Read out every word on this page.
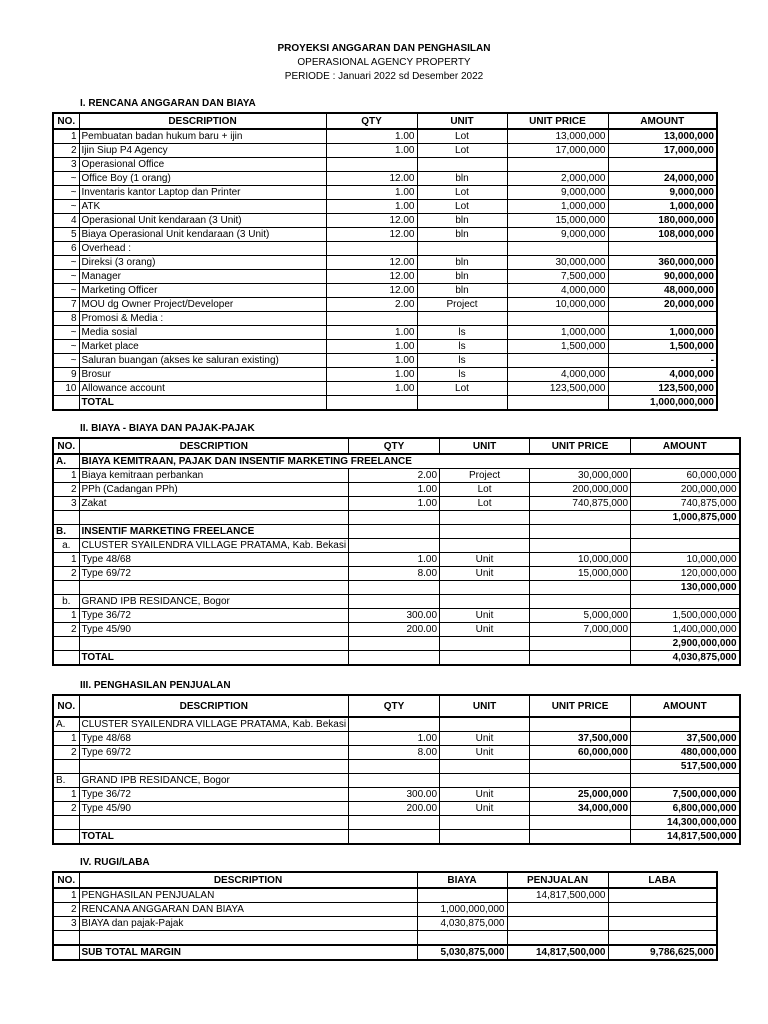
PROYEKSI ANGGARAN DAN PENGHASILAN
OPERASIONAL AGENCY PROPERTY
PERIODE : Januari 2022 sd Desember 2022
I. RENCANA ANGGARAN DAN BIAYA
NO.	DESCRIPTION	QTY	UNIT	UNIT PRICE	AMOUNT
1	Pembuatan badan hukum baru + ijin	1.00	Lot	13,000,000	13,000,000
2	Ijin Siup P4 Agency	1.00	Lot	17,000,000	17,000,000
3	Operasional Office				
~	Office Boy (1 orang)	12.00	bln	2,000,000	24,000,000
~	Inventaris kantor Laptop dan Printer	1.00	Lot	9,000,000	9,000,000
~	ATK	1.00	Lot	1,000,000	1,000,000
4	Operasional Unit kendaraan (3 Unit)	12.00	bln	15,000,000	180,000,000
5	Biaya Operasional Unit kendaraan (3 Unit)	12.00	bln	9,000,000	108,000,000
6	Overhead :				
~	Direksi (3 orang)	12.00	bln	30,000,000	360,000,000
~	Manager	12.00	bln	7,500,000	90,000,000
~	Marketing Officer	12.00	bln	4,000,000	48,000,000
7	MOU dg Owner Project/Developer	2.00	Project	10,000,000	20,000,000
8	Promosi & Media :				
~	Media sosial	1.00	ls	1,000,000	1,000,000
~	Market place	1.00	ls	1,500,000	1,500,000
~	Saluran buangan (akses ke saluran existing)	1.00	ls		-
9	Brosur	1.00	ls	4,000,000	4,000,000
10	Allowance account	1.00	Lot	123,500,000	123,500,000
	TOTAL				1,000,000,000
II. BIAYA - BIAYA DAN PAJAK-PAJAK
NO.	DESCRIPTION	QTY	UNIT	UNIT PRICE	AMOUNT
A.	BIAYA KEMITRAAN, PAJAK DAN INSENTIF MARKETING FREELANCE				
1	Biaya kemitraan perbankan	2.00	Project	30,000,000	60,000,000
2	PPh (Cadangan PPh)	1.00	Lot	200,000,000	200,000,000
3	Zakat	1.00	Lot	740,875,000	740,875,000
					1,000,875,000
B.	INSENTIF MARKETING FREELANCE				
a.	CLUSTER SYAILENDRA VILLAGE PRATAMA, Kab. Bekasi				
1	Type 48/68	1.00	Unit	10,000,000	10,000,000
2	Type 69/72	8.00	Unit	15,000,000	120,000,000
					130,000,000
b.	GRAND IPB RESIDANCE, Bogor				
1	Type 36/72	300.00	Unit	5,000,000	1,500,000,000
2	Type 45/90	200.00	Unit	7,000,000	1,400,000,000
					2,900,000,000
	TOTAL				4,030,875,000
III. PENGHASILAN PENJUALAN
NO.	DESCRIPTION	QTY	UNIT	UNIT PRICE	AMOUNT
A.	CLUSTER SYAILENDRA VILLAGE PRATAMA, Kab. Bekasi				
1	Type 48/68	1.00	Unit	37,500,000	37,500,000
2	Type 69/72	8.00	Unit	60,000,000	480,000,000
					517,500,000
B.	GRAND IPB RESIDANCE, Bogor				
1	Type 36/72	300.00	Unit	25,000,000	7,500,000,000
2	Type 45/90	200.00	Unit	34,000,000	6,800,000,000
					14,300,000,000
	TOTAL				14,817,500,000
IV. RUGI/LABA
NO.	DESCRIPTION	BIAYA	PENJUALAN	LABA
1	PENGHASILAN PENJUALAN		14,817,500,000	
2	RENCANA ANGGARAN DAN BIAYA	1,000,000,000		
3	BIAYA dan pajak-Pajak	4,030,875,000		

	SUB TOTAL MARGIN	5,030,875,000	14,817,500,000	9,786,625,000
